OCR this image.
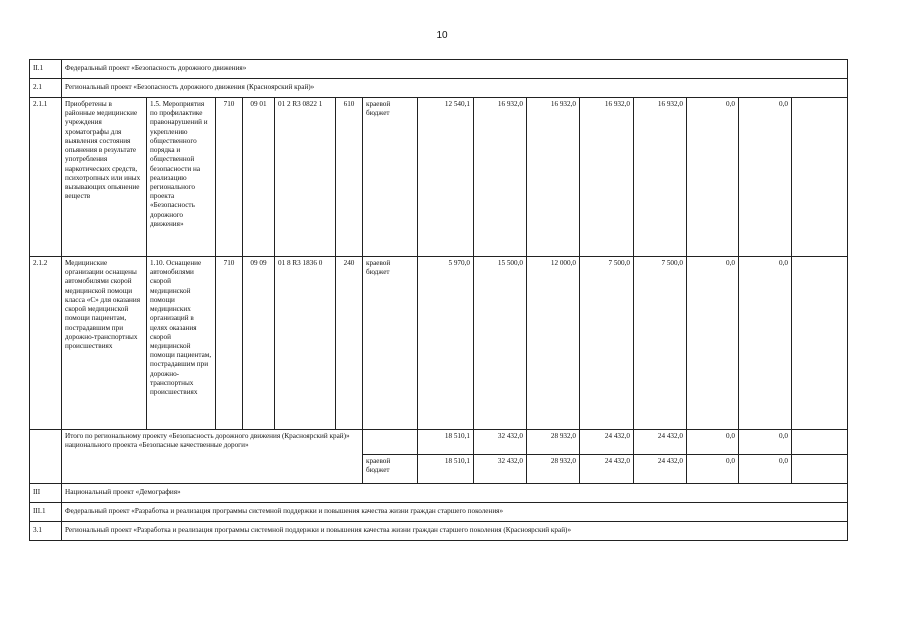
10
II.1	Федеральный проект «Безопасность дорожного движения»														
2.1	Региональный проект «Безопасность дорожного движения (Красноярский край)»														
2.1.1	Приобретены в районные медицинские учреждения хроматографы для выявления состояния опьянения в результате употребления наркотических средств, психотропных или иных вызывающих опьянение веществ	1.5. Мероприятия по профилактике правонарушений и укреплению общественного порядка и общественной безопасности на реализацию регионального проекта «Безопасность дорожного движения»	710	09 01	01 2 R3 0822 1	610	краевой бюджет	12 540,1	16 932,0	16 932,0	16 932,0	16 932,0	0,0	0,0	
2.1.2	Медицинские организации оснащены автомобилями скорой медицинской помощи класса «С» для оказания скорой медицинской помощи пациентам, пострадавшим при дорожно-транспортных происшествиях	1.10. Оснащение автомобилями скорой медицинской помощи медицинских организаций в целях оказания скорой медицинской помощи пациентам, пострадавшим при дорожно-транспортных происшествиях	710	09 09	01 8 R3 1836 0	240	краевой бюджет	5 970,0	15 500,0	12 000,0	7 500,0	7 500,0	0,0	0,0	
	Итого по региональному проекту «Безопасность дорожного движения (Красноярский край)» национального проекта «Безопасные качественные дороги»							18 510,1	32 432,0	28 932,0	24 432,0	24 432,0	0,0	0,0	
							краевой бюджет	18 510,1	32 432,0	28 932,0	24 432,0	24 432,0	0,0	0,0	
III	Национальный проект «Демография»														
III.1	Федеральный проект «Разработка и реализация программы системной поддержки и повышения качества жизни граждан старшего поколения»														
3.1	Региональный проект «Разработка и реализация программы системной поддержки и повышения качества жизни граждан старшего поколения (Красноярский край)»														
